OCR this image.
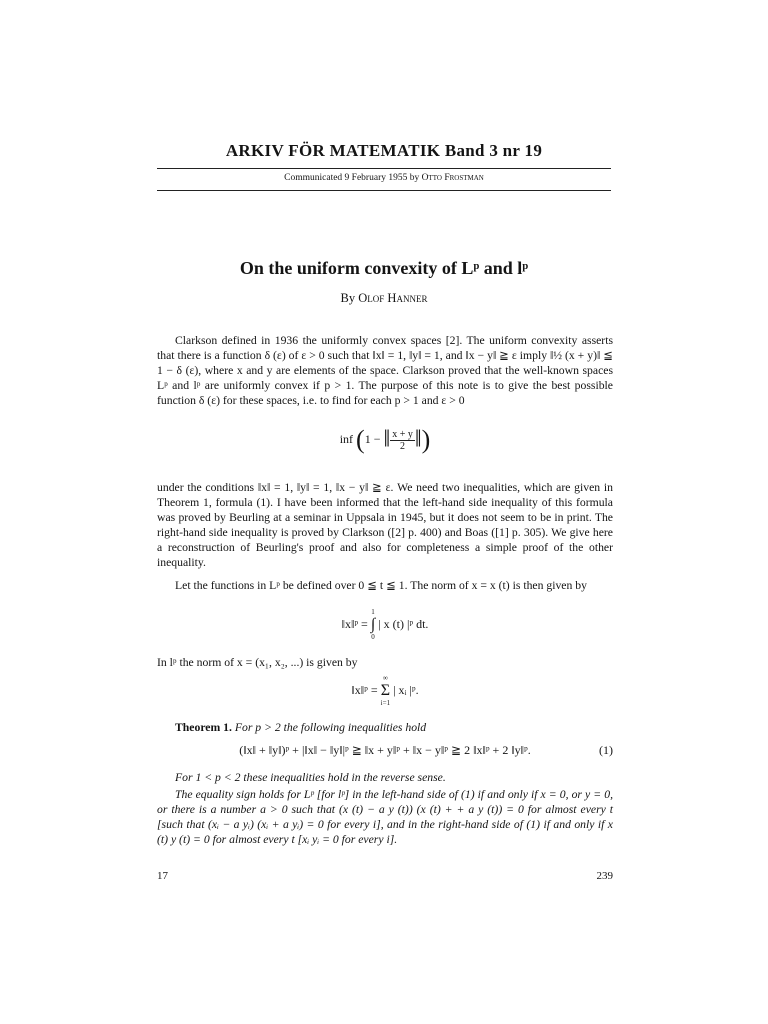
ARKIV FÖR MATEMATIK Band 3 nr 19
Communicated 9 February 1955 by Otto Frostman
On the uniform convexity of Lᵖ and lᵖ
By Olof Hanner
Clarkson defined in 1936 the uniformly convex spaces [2]. The uniform convexity asserts that there is a function δ (ε) of ε > 0 such that ‖x‖ = 1, ‖y‖ = 1, and ‖x − y‖ ≧ ε imply ‖½ (x + y)‖ ≦ 1 − δ (ε), where x and y are elements of the space. Clarkson proved that the well-known spaces Lᵖ and lᵖ are uniformly convex if p > 1. The purpose of this note is to give the best possible function δ (ε) for these spaces, i.e. to find for each p > 1 and ε > 0
inf (1 − ‖ $\frac{x + y}{2}$ ‖)
under the conditions ‖x‖ = 1, ‖y‖ = 1, ‖x − y‖ ≧ ε. We need two inequalities, which are given in Theorem 1, formula (1). I have been informed that the left-hand side inequality of this formula was proved by Beurling at a seminar in Uppsala in 1945, but it does not seem to be in print. The right-hand side inequality is proved by Clarkson ([2] p. 400) and Boas ([1] p. 305). We give here a reconstruction of Beurling's proof and also for completeness a simple proof of the other inequality.
Let the functions in Lᵖ be defined over 0 ≦ t ≦ 1. The norm of x = x (t) is then given by
‖x‖ᵖ =
1
∫
0
| x (t) |ᵖ dt.
In lᵖ the norm of x = (x₁, x₂, ...) is given by
‖x‖ᵖ =
∞
Σ
i=1
| xᵢ |ᵖ.
Theorem 1. For p > 2 the following inequalities hold
(‖x‖ + ‖y‖)ᵖ + |‖x‖ − ‖y‖|ᵖ ≧ ‖x + y‖ᵖ + ‖x − y‖ᵖ ≧ 2 ‖x‖ᵖ + 2 ‖y‖ᵖ.	(1)
For 1 < p < 2 these inequalities hold in the reverse sense.
The equality sign holds for Lᵖ [for lᵖ] in the left-hand side of (1) if and only if x = 0, or y = 0, or there is a number a > 0 such that (x (t) − a y (t)) (x (t) + + a y (t)) = 0 for almost every t [such that (xᵢ − a yᵢ) (xᵢ + a yᵢ) = 0 for every i], and in the right-hand side of (1) if and only if x (t) y (t) = 0 for almost every t [xᵢ yᵢ = 0 for every i].
17	239
